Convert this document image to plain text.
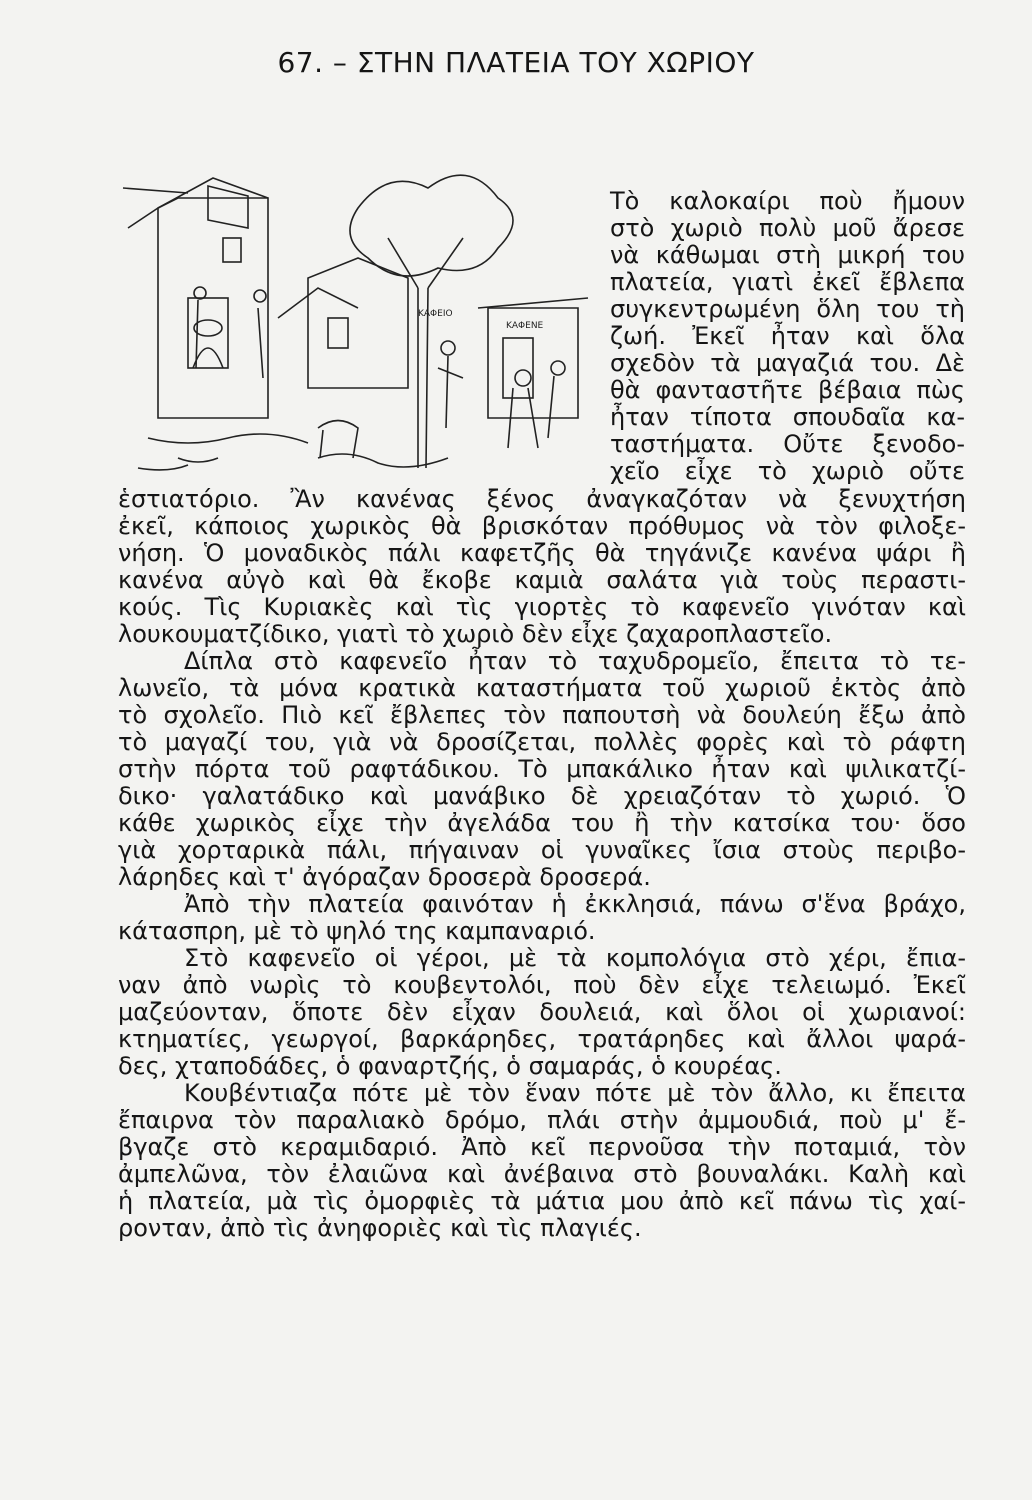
67. – ΣΤΗΝ ΠΛΑΤΕΙΑ ΤΟΥ ΧΩΡΙΟΥ
ΚΑΦΕΙΟ
ΚΑΦΕΝΕ
Τὸ καλοκαίρι ποὺ ἤμουν
στὸ χωριὸ πολὺ μοῦ ἄρεσε
νὰ κάθωμαι στὴ μικρή του
πλατεία, γιατὶ ἐκεῖ ἔβλεπα
συγκεντρωμένη ὅλη του τὴ
ζωή. Ἐκεῖ ἦταν καὶ ὅλα
σχεδὸν τὰ μαγαζιά του. Δὲ
θὰ φανταστῆτε βέβαια πὼς
ἦταν τίποτα σπουδαῖα κα-
ταστήματα. Οὔτε ξενοδο-
χεῖο εἶχε τὸ χωριὸ οὔτε
ἑστιατόριο. Ἂν κανένας ξένος ἀναγκαζόταν νὰ ξενυχτήση
ἐκεῖ, κάποιος χωρικὸς θὰ βρισκόταν πρόθυμος νὰ τὸν φιλοξε-
νήση. Ὁ μοναδικὸς πάλι καφετζῆς θὰ τηγάνιζε κανένα ψάρι ἢ
κανένα αὐγὸ καὶ θὰ ἔκοβε καμιὰ σαλάτα γιὰ τοὺς περαστι-
κούς. Τὶς Κυριακὲς καὶ τὶς γιορτὲς τὸ καφενεῖο γινόταν καὶ
λουκουματζίδικο, γιατὶ τὸ χωριὸ δὲν εἶχε ζαχαροπλαστεῖο.
Δίπλα στὸ καφενεῖο ἦταν τὸ ταχυδρομεῖο, ἔπειτα τὸ τε-
λωνεῖο, τὰ μόνα κρατικὰ καταστήματα τοῦ χωριοῦ ἐκτὸς ἀπὸ
τὸ σχολεῖο. Πιὸ κεῖ ἔβλεπες τὸν παπουτσὴ νὰ δουλεύη ἔξω ἀπὸ
τὸ μαγαζί του, γιὰ νὰ δροσίζεται, πολλὲς φορὲς καὶ τὸ ράφτη
στὴν πόρτα τοῦ ραφτάδικου. Τὸ μπακάλικο ἦταν καὶ ψιλικατζί-
δικο· γαλατάδικο καὶ μανάβικο δὲ χρειαζόταν τὸ χωριό. Ὁ
κάθε χωρικὸς εἶχε τὴν ἀγελάδα του ἢ τὴν κατσίκα του· ὅσο
γιὰ χορταρικὰ πάλι, πήγαιναν οἱ γυναῖκες ἴσια στοὺς περιβο-
λάρηδες καὶ τ' ἀγόραζαν δροσερὰ δροσερά.
Ἀπὸ τὴν πλατεία φαινόταν ἡ ἐκκλησιά, πάνω σ'ἕνα βράχο,
κάτασπρη, μὲ τὸ ψηλό της καμπαναριό.
Στὸ καφενεῖο οἱ γέροι, μὲ τὰ κομπολόγια στὸ χέρι, ἔπια-
ναν ἀπὸ νωρὶς τὸ κουβεντολόι, ποὺ δὲν εἶχε τελειωμό. Ἐκεῖ
μαζεύονταν, ὅποτε δὲν εἶχαν δουλειά, καὶ ὅλοι οἱ χωριανοί:
κτηματίες, γεωργοί, βαρκάρηδες, τρατάρηδες καὶ ἄλλοι ψαρά-
δες, χταποδάδες, ὁ φαναρτζής, ὁ σαμαράς, ὁ κουρέας.
Κουβέντιαζα πότε μὲ τὸν ἕναν πότε μὲ τὸν ἄλλο, κι ἔπειτα
ἔπαιρνα τὸν παραλιακὸ δρόμο, πλάι στὴν ἀμμουδιά, ποὺ μ' ἔ-
βγαζε στὸ κεραμιδαριό. Ἀπὸ κεῖ περνοῦσα τὴν ποταμιά, τὸν
ἀμπελῶνα, τὸν ἐλαιῶνα καὶ ἀνέβαινα στὸ βουναλάκι. Καλὴ καὶ
ἡ πλατεία, μὰ τὶς ὀμορφιὲς τὰ μάτια μου ἀπὸ κεῖ πάνω τὶς χαί-
ρονταν, ἀπὸ τὶς ἀνηφοριὲς καὶ τὶς πλαγιές.
